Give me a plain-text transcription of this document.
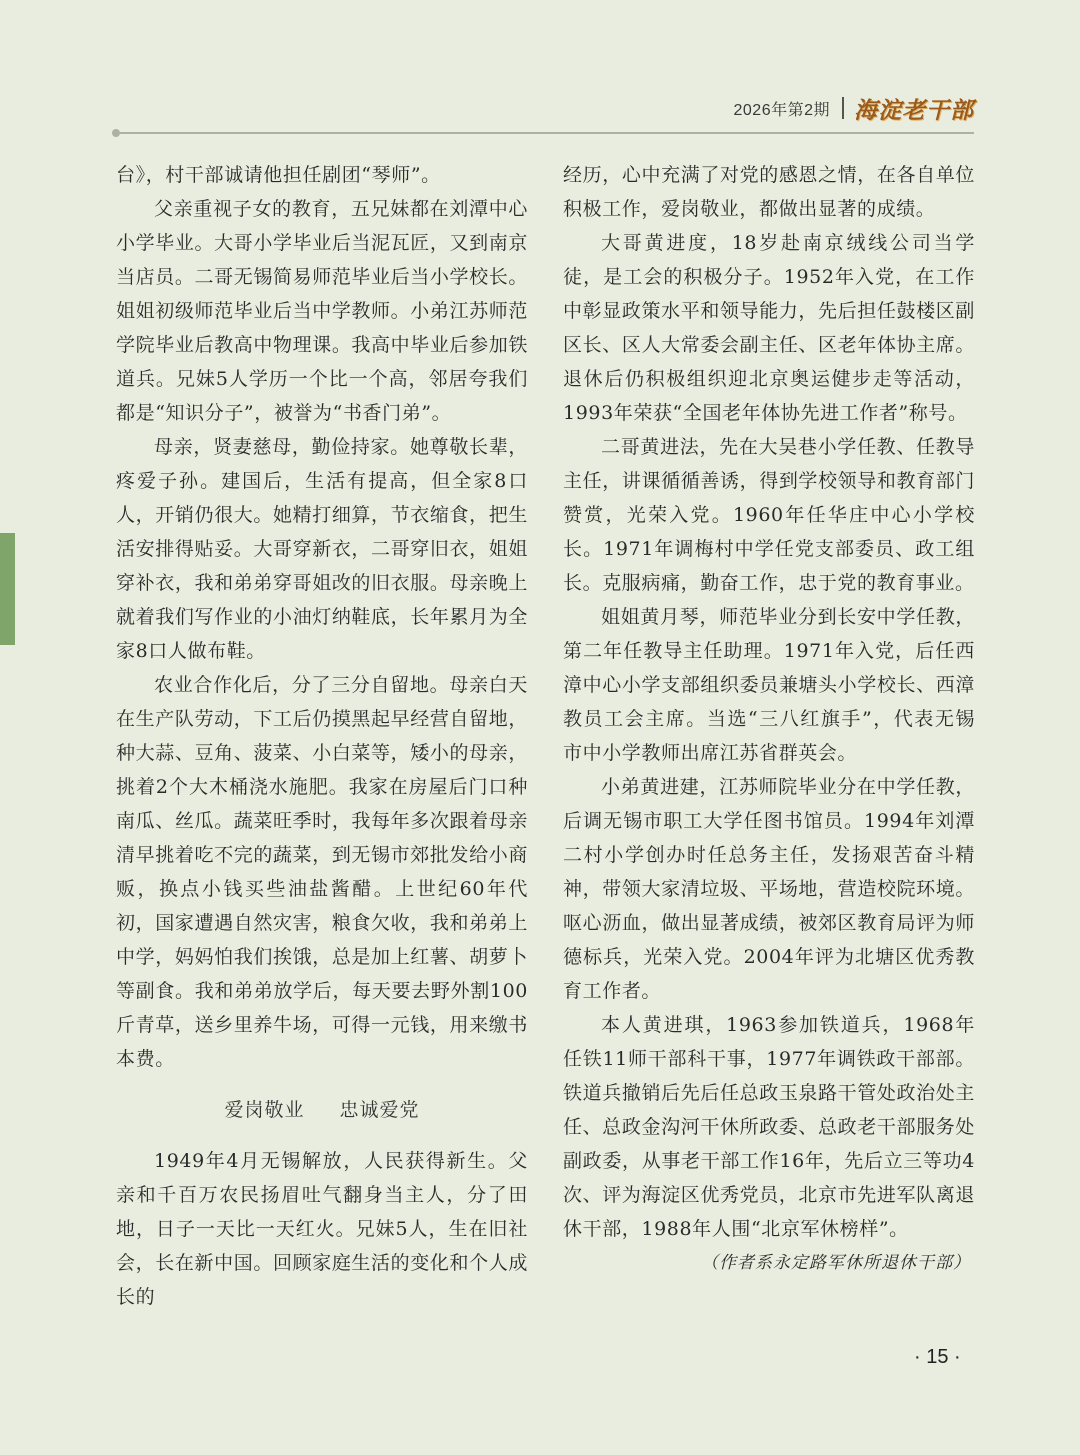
2026年第2期 海淀老干部

台》，村干部诚请他担任剧团“琴师”。

父亲重视子女的教育，五兄妹都在刘潭中心小学毕业。大哥小学毕业后当泥瓦匠，又到南京当店员。二哥无锡简易师范毕业后当小学校长。姐姐初级师范毕业后当中学教师。小弟江苏师范学院毕业后教高中物理课。我高中毕业后参加铁道兵。兄妹5人学历一个比一个高，邻居夸我们都是“知识分子”，被誉为“书香门弟”。

母亲，贤妻慈母，勤俭持家。她尊敬长辈，疼爱子孙。建国后，生活有提高，但全家8口人，开销仍很大。她精打细算，节衣缩食，把生活安排得贴妥。大哥穿新衣，二哥穿旧衣，姐姐穿补衣，我和弟弟穿哥姐改的旧衣服。母亲晚上就着我们写作业的小油灯纳鞋底，长年累月为全家8口人做布鞋。

农业合作化后，分了三分自留地。母亲白天在生产队劳动，下工后仍摸黑起早经营自留地，种大蒜、豆角、菠菜、小白菜等，矮小的母亲，挑着2个大木桶浇水施肥。我家在房屋后门口种南瓜、丝瓜。蔬菜旺季时，我每年多次跟着母亲清早挑着吃不完的蔬菜，到无锡市郊批发给小商贩，换点小钱买些油盐酱醋。上世纪60年代初，国家遭遇自然灾害，粮食欠收，我和弟弟上中学，妈妈怕我们挨饿，总是加上红薯、胡萝卜等副食。我和弟弟放学后，每天要去野外割100斤青草，送乡里养牛场，可得一元钱，用来缴书本费。

爱岗敬业 忠诚爱党

1949年4月无锡解放，人民获得新生。父亲和千百万农民扬眉吐气翻身当主人，分了田地，日子一天比一天红火。兄妹5人，生在旧社会，长在新中国。回顾家庭生活的变化和个人成长的

经历，心中充满了对党的感恩之情，在各自单位积极工作，爱岗敬业，都做出显著的成绩。

大哥黄进度，18岁赴南京绒线公司当学徒，是工会的积极分子。1952年入党，在工作中彰显政策水平和领导能力，先后担任鼓楼区副区长、区人大常委会副主任、区老年体协主席。退休后仍积极组织迎北京奥运健步走等活动，1993年荣获“全国老年体协先进工作者”称号。

二哥黄进法，先在大吴巷小学任教、任教导主任，讲课循循善诱，得到学校领导和教育部门赞赏，光荣入党。1960年任华庄中心小学校长。1971年调梅村中学任党支部委员、政工组长。克服病痛，勤奋工作，忠于党的教育事业。

姐姐黄月琴，师范毕业分到长安中学任教，第二年任教导主任助理。1971年入党，后任西漳中心小学支部组织委员兼塘头小学校长、西漳教员工会主席。当选“三八红旗手”，代表无锡市中小学教师出席江苏省群英会。

小弟黄进建，江苏师院毕业分在中学任教，后调无锡市职工大学任图书馆员。1994年刘潭二村小学创办时任总务主任，发扬艰苦奋斗精神，带领大家清垃圾、平场地，营造校院环境。呕心沥血，做出显著成绩，被郊区教育局评为师德标兵，光荣入党。2004年评为北塘区优秀教育工作者。

本人黄进琪，1963参加铁道兵，1968年任铁11师干部科干事，1977年调铁政干部部。铁道兵撤销后先后任总政玉泉路干管处政治处主任、总政金沟河干休所政委、总政老干部服务处副政委，从事老干部工作16年，先后立三等功4次、评为海淀区优秀党员，北京市先进军队离退休干部，1988年人围“北京军休榜样”。

（作者系永定路军休所退休干部）
· 15 ·
